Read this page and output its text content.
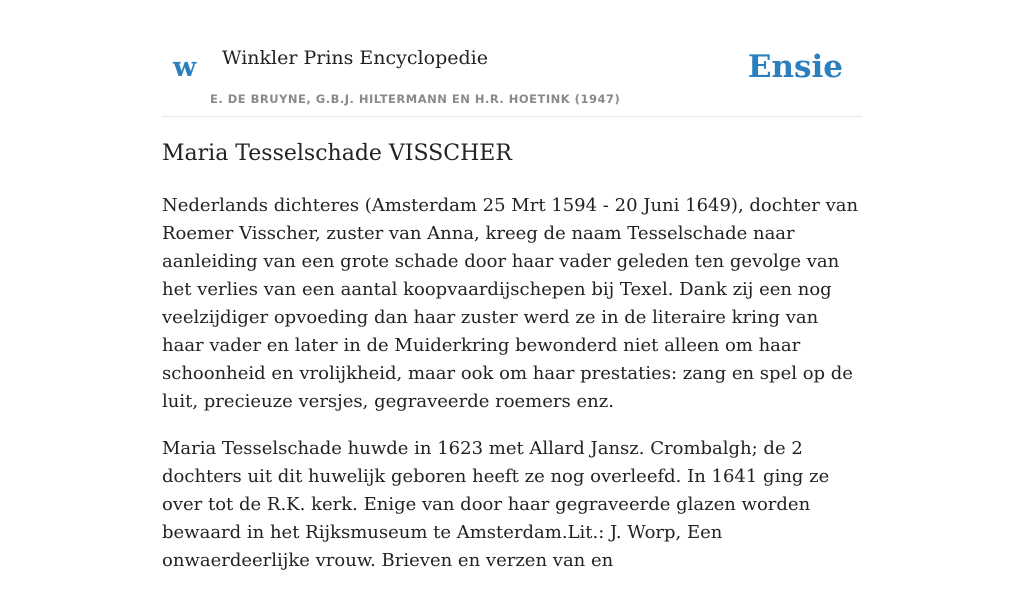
w Winkler Prins Encyclopedie
E. DE BRUYNE, G.B.J. HILTERMANN EN H.R. HOETINK (1947)
Ensie
Maria Tesselschade VISSCHER

Nederlands dichteres (Amsterdam 25 Mrt 1594 - 20 Juni 1649), dochter van Roemer Visscher, zuster van Anna, kreeg de naam Tesselschade naar aanleiding van een grote schade door haar vader geleden ten gevolge van het verlies van een aantal koopvaardijschepen bij Texel. Dank zij een nog veelzijdiger opvoeding dan haar zuster werd ze in de literaire kring van haar vader en later in de Muiderkring bewonderd niet alleen om haar schoonheid en vrolijkheid, maar ook om haar prestaties: zang en spel op de luit, precieuze versjes, gegraveerde roemers enz.

Maria Tesselschade huwde in 1623 met Allard Jansz. Crombalgh; de 2 dochters uit dit huwelijk geboren heeft ze nog overleefd. In 1641 ging ze over tot de R.K. kerk. Enige van door haar gegraveerde glazen worden bewaard in het Rijksmuseum te Amsterdam.Lit.: J. Worp, Een onwaerdeerlijke vrouw. Brieven en verzen van en
